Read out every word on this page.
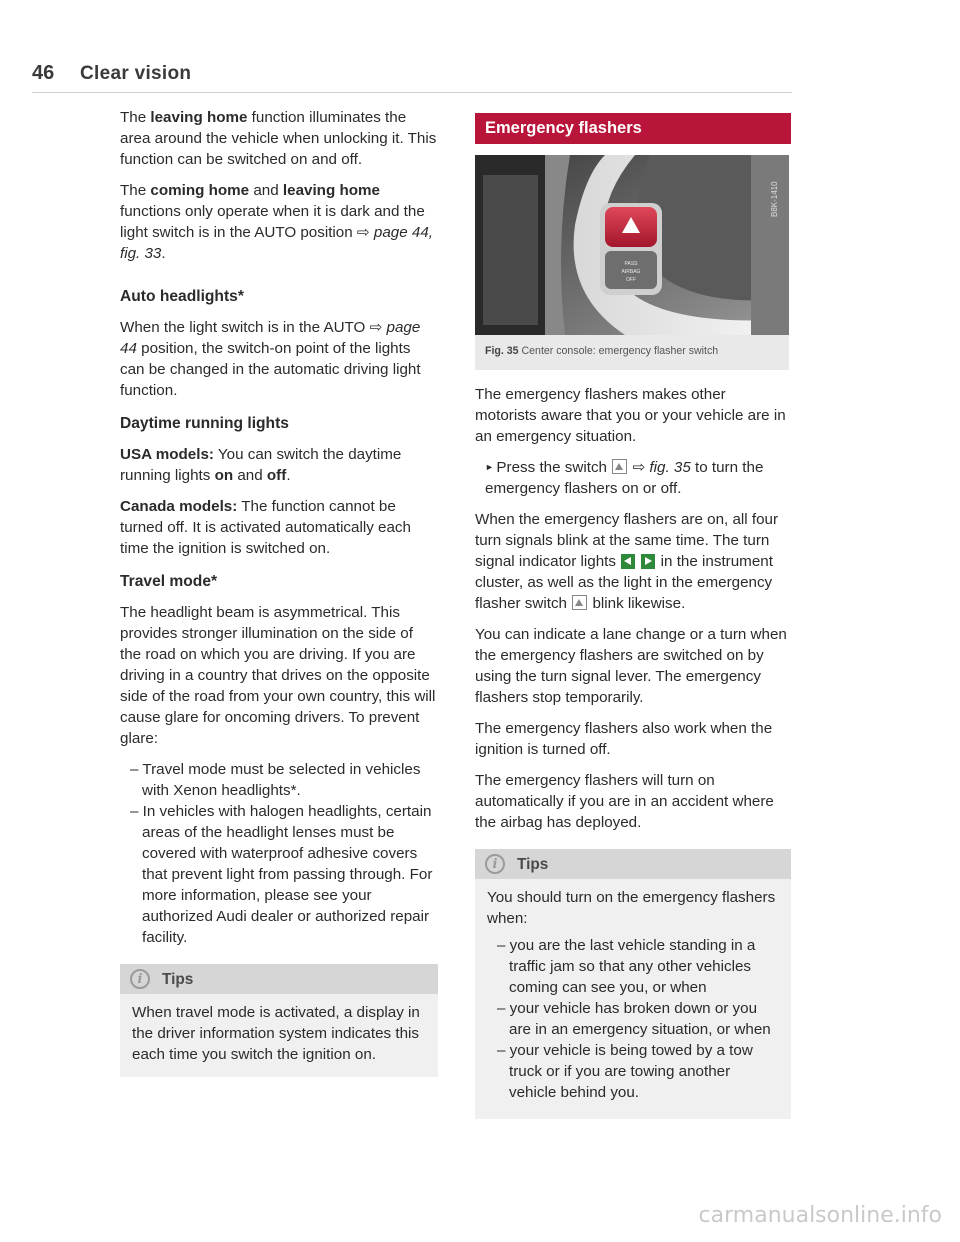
46 Clear vision

The leaving home function illuminates the area around the vehicle when unlocking it. This function can be switched on and off.

The coming home and leaving home functions only operate when it is dark and the light switch is in the AUTO position ⇨ page 44, fig. 33.

Auto headlights*

When the light switch is in the AUTO ⇨ page 44 position, the switch-on point of the lights can be changed in the automatic driving light function.

Daytime running lights

USA models: You can switch the daytime running lights on and off.

Canada models: The function cannot be turned off. It is activated automatically each time the ignition is switched on.

Travel mode*

The headlight beam is asymmetrical. This provides stronger illumination on the side of the road on which you are driving. If you are driving in a country that drives on the opposite side of the road from your own country, this will cause glare for oncoming drivers. To prevent glare:

– Travel mode must be selected in vehicles with Xenon headlights*.
– In vehicles with halogen headlights, certain areas of the headlight lenses must be covered with waterproof adhesive covers that prevent light from passing through. For more information, please see your authorized Audi dealer or authorized repair facility.
i	Tips

When travel mode is activated, a display in the driver information system indicates this each time you switch the ignition on.

Emergency flashers
PASS
AIRBAG
OFF
B8K-1410
Fig. 35 Center console: emergency flasher switch

The emergency flashers makes other motorists aware that you or your vehicle are in an emergency situation.

► Press the switch  ⇨ fig. 35 to turn the emergency flashers on or off.

When the emergency flashers are on, all four turn signals blink at the same time. The turn signal indicator lights   in the instrument cluster, as well as the light in the emergency flasher switch  blink likewise.

You can indicate a lane change or a turn when the emergency flashers are switched on by using the turn signal lever. The emergency flashers stop temporarily.

The emergency flashers also work when the ignition is turned off.

The emergency flashers will turn on automatically if you are in an accident where the airbag has deployed.

i	Tips

You should turn on the emergency flashers when:

– you are the last vehicle standing in a traffic jam so that any other vehicles coming can see you, or when
– your vehicle has broken down or you are in an emergency situation, or when
– your vehicle is being towed by a tow truck or if you are towing another vehicle behind you.
carmanualsonline.info
